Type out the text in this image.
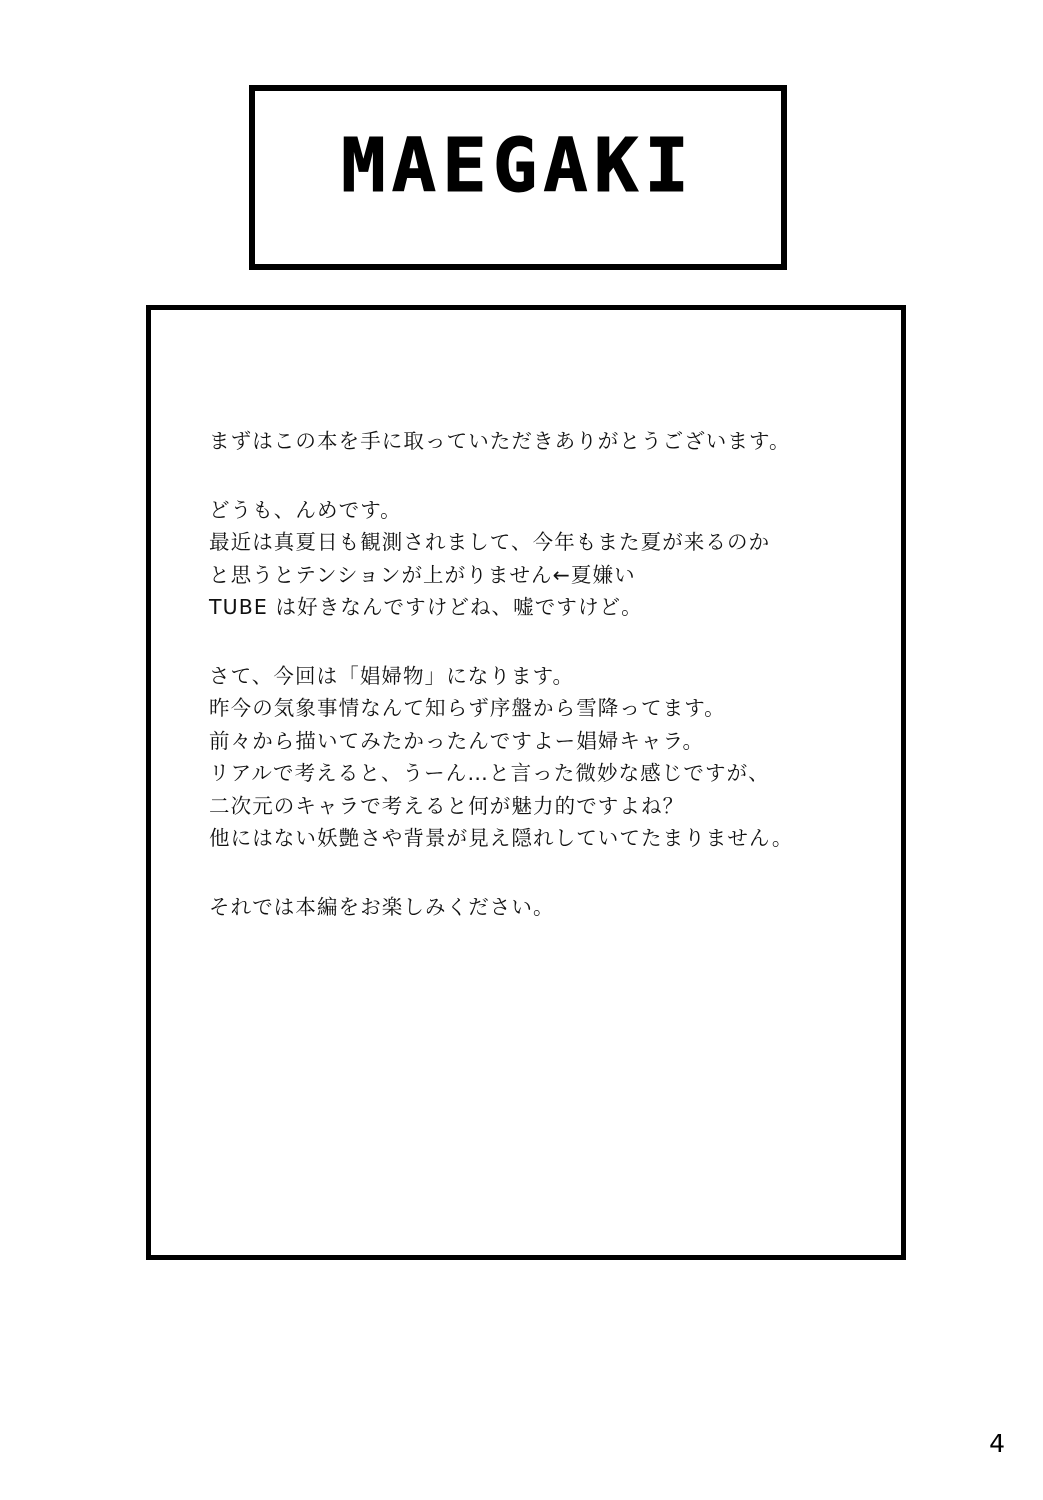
MAEGAKI
まずはこの本を手に取っていただきありがとうございます。
どうも、んめです。
最近は真夏日も観測されまして、今年もまた夏が来るのか
と思うとテンションが上がりません←夏嫌い
TUBE は好きなんですけどね、嘘ですけど。
さて、今回は「娼婦物」になります。
昨今の気象事情なんて知らず序盤から雪降ってます。
前々から描いてみたかったんですよー娼婦キャラ。
リアルで考えると、うーん…と言った微妙な感じですが、
二次元のキャラで考えると何が魅力的ですよね？
他にはない妖艶さや背景が見え隠れしていてたまりません。
それでは本編をお楽しみください。
4
